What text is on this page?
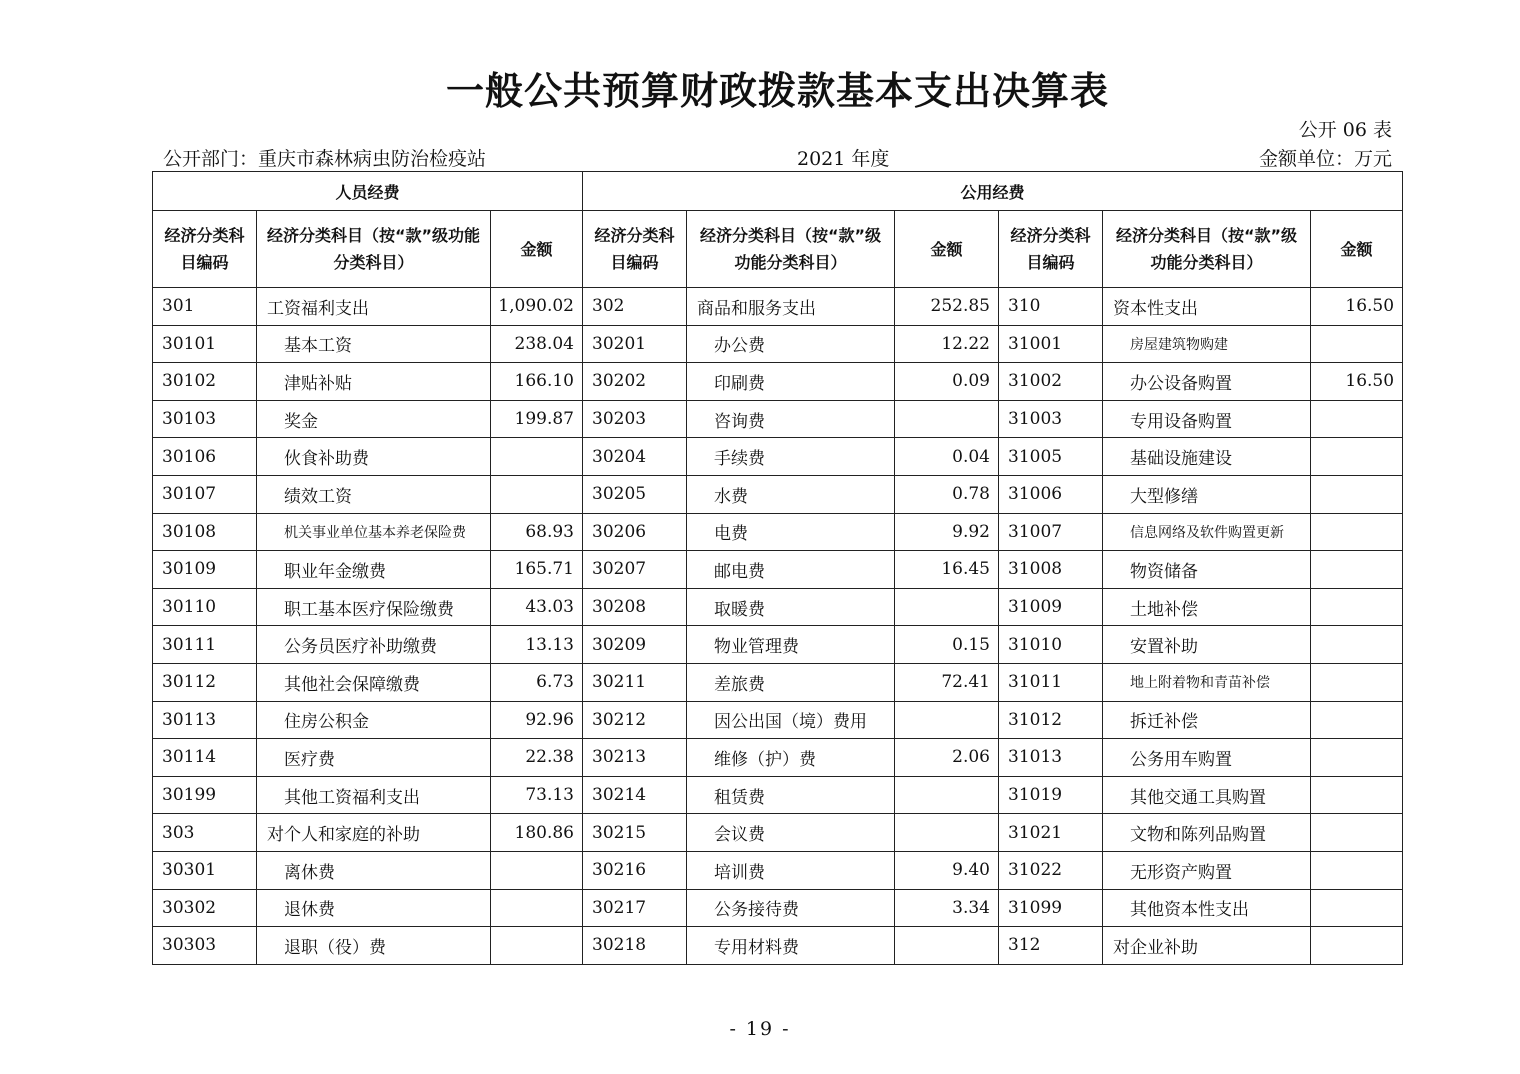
一般公共预算财政拨款基本支出决算表
公开 06 表
公开部门：重庆市森林病虫防治检疫站	2021 年度	金额单位：万元
人员经费			公用经费					
经济分类科目编码	经济分类科目（按“款”级功能分类科目）	金额	经济分类科目编码	经济分类科目（按“款”级功能分类科目）	金额	经济分类科目编码	经济分类科目（按“款”级功能分类科目）	金额
301	工资福利支出	1,090.02	302	商品和服务支出	252.85	310	资本性支出	16.50
30101	基本工资	238.04	30201	办公费	12.22	31001	房屋建筑物购建	
30102	津贴补贴	166.10	30202	印刷费	0.09	31002	办公设备购置	16.50
30103	奖金	199.87	30203	咨询费		31003	专用设备购置	
30106	伙食补助费		30204	手续费	0.04	31005	基础设施建设	
30107	绩效工资		30205	水费	0.78	31006	大型修缮	
30108	机关事业单位基本养老保险费	68.93	30206	电费	9.92	31007	信息网络及软件购置更新	
30109	职业年金缴费	165.71	30207	邮电费	16.45	31008	物资储备	
30110	职工基本医疗保险缴费	43.03	30208	取暖费		31009	土地补偿	
30111	公务员医疗补助缴费	13.13	30209	物业管理费	0.15	31010	安置补助	
30112	其他社会保障缴费	6.73	30211	差旅费	72.41	31011	地上附着物和青苗补偿	
30113	住房公积金	92.96	30212	因公出国（境）费用		31012	拆迁补偿	
30114	医疗费	22.38	30213	维修（护）费	2.06	31013	公务用车购置	
30199	其他工资福利支出	73.13	30214	租赁费		31019	其他交通工具购置	
303	对个人和家庭的补助	180.86	30215	会议费		31021	文物和陈列品购置	
30301	离休费		30216	培训费	9.40	31022	无形资产购置	
30302	退休费		30217	公务接待费	3.34	31099	其他资本性支出	
30303	退职（役）费		30218	专用材料费		312	对企业补助	
- 19 -
